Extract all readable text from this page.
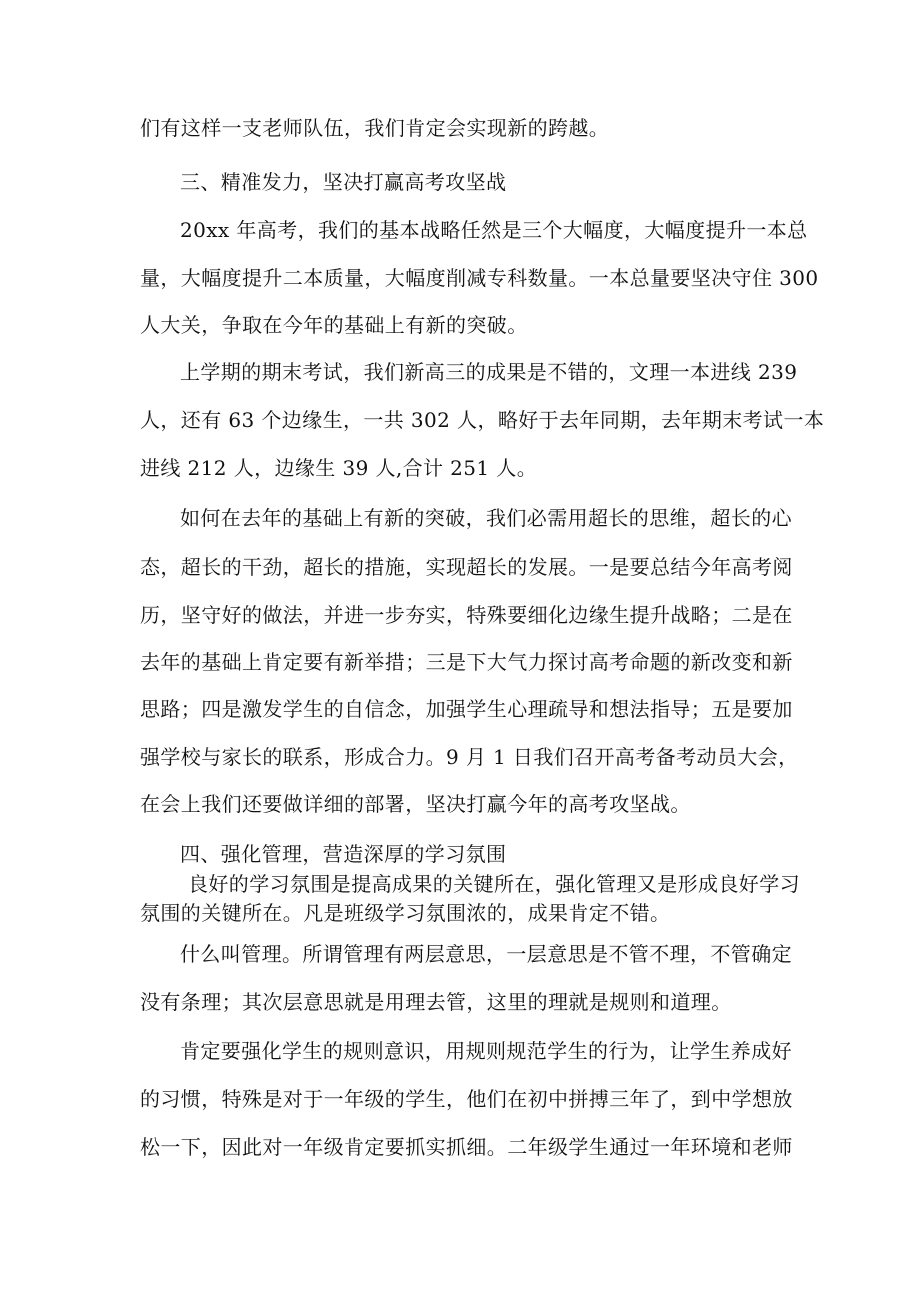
们有这样一支老师队伍，我们肯定会实现新的跨越。
三、精准发力，坚决打赢高考攻坚战
20xx 年高考，我们的基本战略任然是三个大幅度，大幅度提升一本总
量，大幅度提升二本质量，大幅度削减专科数量。一本总量要坚决守住 300
人大关，争取在今年的基础上有新的突破。
上学期的期末考试，我们新高三的成果是不错的，文理一本进线 239
人，还有 63 个边缘生，一共 302 人，略好于去年同期，去年期末考试一本
进线 212 人，边缘生 39 人,合计 251 人。
如何在去年的基础上有新的突破，我们必需用超长的思维，超长的心
态，超长的干劲，超长的措施，实现超长的发展。一是要总结今年高考阅
历，坚守好的做法，并进一步夯实，特殊要细化边缘生提升战略；二是在
去年的基础上肯定要有新举措；三是下大气力探讨高考命题的新改变和新
思路；四是激发学生的自信念，加强学生心理疏导和想法指导；五是要加
强学校与家长的联系，形成合力。9 月 1 日我们召开高考备考动员大会，
在会上我们还要做详细的部署，坚决打赢今年的高考攻坚战。
四、强化管理，营造深厚的学习氛围
良好的学习氛围是提高成果的关键所在，强化管理又是形成良好学习
氛围的关键所在。凡是班级学习氛围浓的，成果肯定不错。
什么叫管理。所谓管理有两层意思，一层意思是不管不理，不管确定
没有条理；其次层意思就是用理去管，这里的理就是规则和道理。
肯定要强化学生的规则意识，用规则规范学生的行为，让学生养成好
的习惯，特殊是对于一年级的学生，他们在初中拼搏三年了，到中学想放
松一下，因此对一年级肯定要抓实抓细。二年级学生通过一年环境和老师
